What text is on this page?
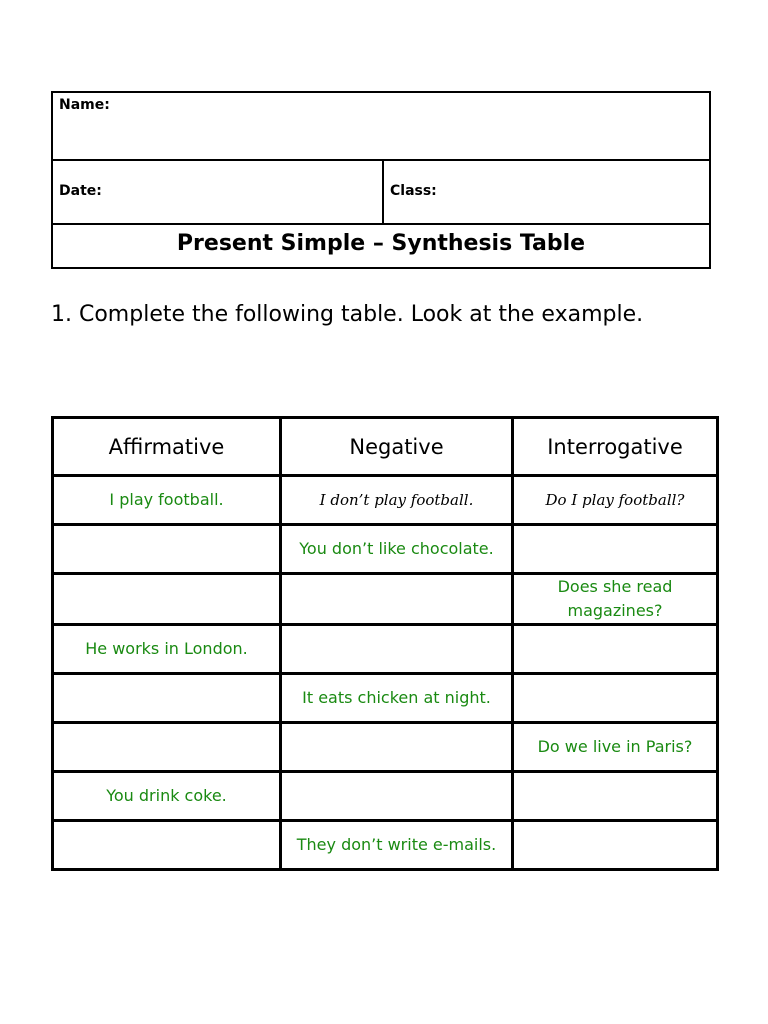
Name:
Date:	Class:
Present Simple – Synthesis Table
1. Complete the following table. Look at the example.
Affirmative	Negative	Interrogative
I play football.	I don’t play football.	Do I play football?
	You don’t like chocolate.	
		Does she read magazines?
He works in London.		
	It eats chicken at night.	
		Do we live in Paris?
You drink coke.		
	They don’t write e-mails.	
